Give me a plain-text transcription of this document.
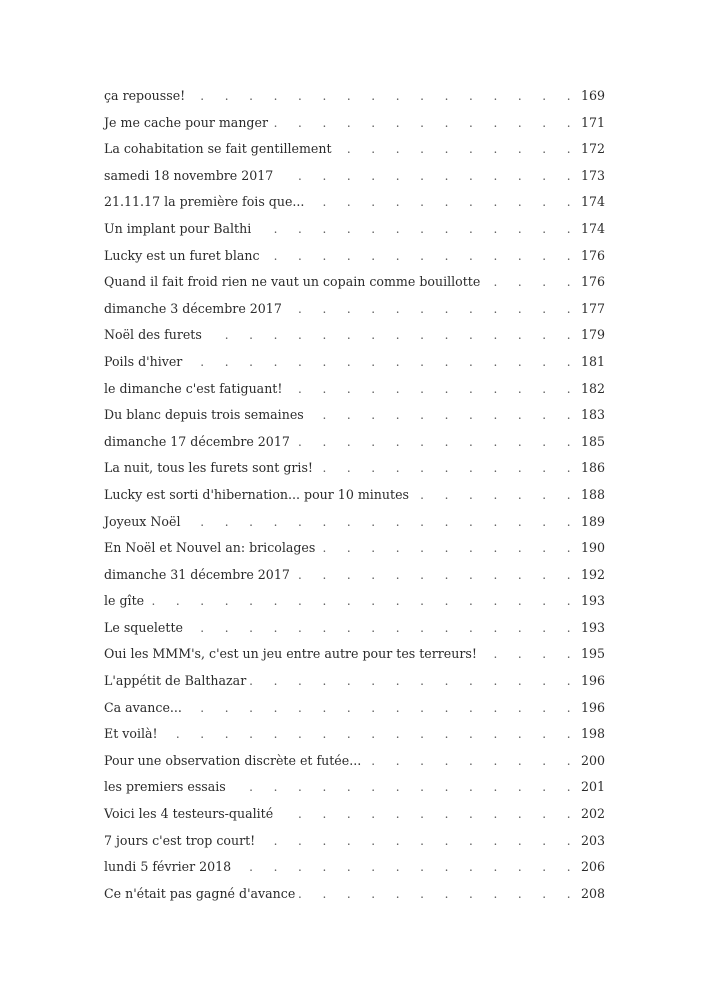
ça repousse! . . .	169
Je me cache pour manger . . .	171
La cohabitation se fait gentillement . . .	172
samedi 18 novembre 2017 . . .	173
21.11.17 la première fois que... . . .	174
Un implant pour Balthi . . .	174
Lucky est un furet blanc . . .	176
Quand il fait froid rien ne vaut un copain comme bouillotte . . .	176
dimanche 3 décembre 2017 . . .	177
Noël des furets . . .	179
Poils d'hiver . . .	181
le dimanche c'est fatiguant! . . .	182
Du blanc depuis trois semaines . . .	183
dimanche 17 décembre 2017 . . .	185
La nuit, tous les furets sont gris! . . .	186
Lucky est sorti d'hibernation... pour 10 minutes . . .	188
Joyeux Noël . . .	189
En Noël et Nouvel an: bricolages . . .	190
dimanche 31 décembre 2017 . . .	192
le gîte . . .	193
Le squelette . . .	193
Oui les MMM's, c'est un jeu entre autre pour tes terreurs! . . .	195
L'appétit de Balthazar . . .	196
Ca avance... . . .	196
Et voilà! . . .	198
Pour une observation discrète et futée... . . .	200
les premiers essais . . .	201
Voici les 4 testeurs-qualité . . .	202
7 jours c'est trop court! . . .	203
lundi 5 février 2018 . . .	206
Ce n'était pas gagné d'avance . . .	208
